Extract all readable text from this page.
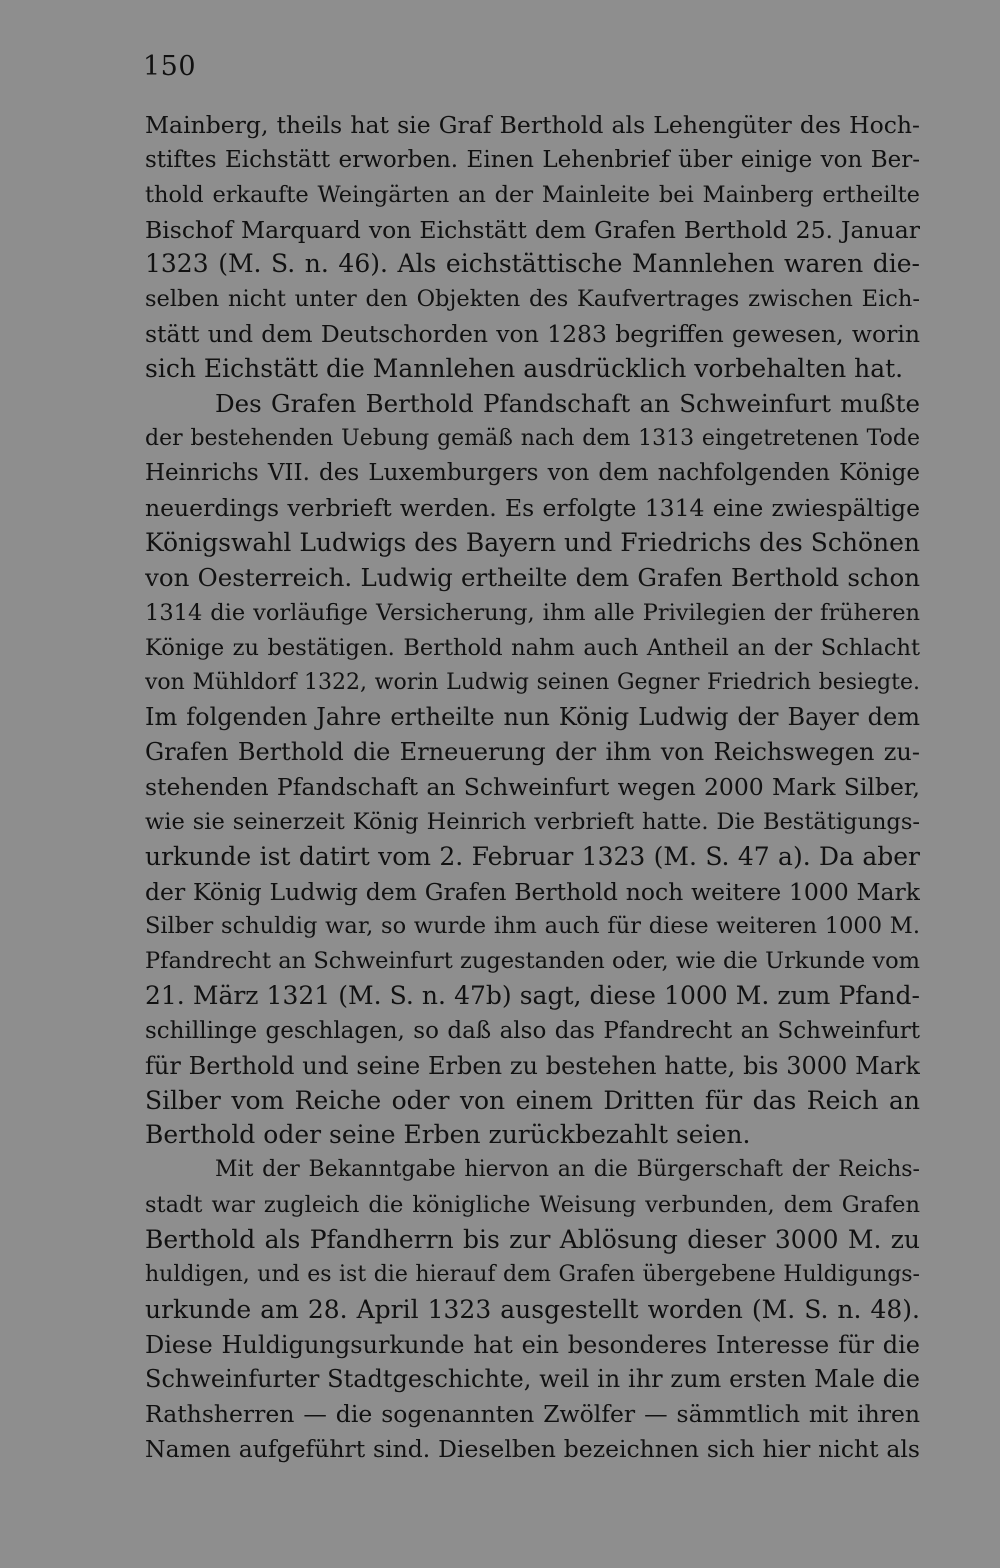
150
Mainberg, theils hat sie Graf Berthold als Lehengüter des Hoch-
stiftes Eichstätt erworben. Einen Lehenbrief über einige von Ber-
thold erkaufte Weingärten an der Mainleite bei Mainberg ertheilte
Bischof Marquard von Eichstätt dem Grafen Berthold 25. Januar
1323 (M. S. n. 46). Als eichstättische Mannlehen waren die-
selben nicht unter den Objekten des Kaufvertrages zwischen Eich-
stätt und dem Deutschorden von 1283 begriffen gewesen, worin
sich Eichstätt die Mannlehen ausdrücklich vorbehalten hat.
Des Grafen Berthold Pfandschaft an Schweinfurt mußte
der bestehenden Uebung gemäß nach dem 1313 eingetretenen Tode
Heinrichs VII. des Luxemburgers von dem nachfolgenden Könige
neuerdings verbrieft werden. Es erfolgte 1314 eine zwiespältige
Königswahl Ludwigs des Bayern und Friedrichs des Schönen
von Oesterreich. Ludwig ertheilte dem Grafen Berthold schon
1314 die vorläufige Versicherung, ihm alle Privilegien der früheren
Könige zu bestätigen. Berthold nahm auch Antheil an der Schlacht
von Mühldorf 1322, worin Ludwig seinen Gegner Friedrich besiegte.
Im folgenden Jahre ertheilte nun König Ludwig der Bayer dem
Grafen Berthold die Erneuerung der ihm von Reichswegen zu-
stehenden Pfandschaft an Schweinfurt wegen 2000 Mark Silber,
wie sie seinerzeit König Heinrich verbrieft hatte. Die Bestätigungs-
urkunde ist datirt vom 2. Februar 1323 (M. S. 47 a). Da aber
der König Ludwig dem Grafen Berthold noch weitere 1000 Mark
Silber schuldig war, so wurde ihm auch für diese weiteren 1000 M.
Pfandrecht an Schweinfurt zugestanden oder, wie die Urkunde vom
21. März 1321 (M. S. n. 47b) sagt, diese 1000 M. zum Pfand-
schillinge geschlagen, so daß also das Pfandrecht an Schweinfurt
für Berthold und seine Erben zu bestehen hatte, bis 3000 Mark
Silber vom Reiche oder von einem Dritten für das Reich an
Berthold oder seine Erben zurückbezahlt seien.
Mit der Bekanntgabe hiervon an die Bürgerschaft der Reichs-
stadt war zugleich die königliche Weisung verbunden, dem Grafen
Berthold als Pfandherrn bis zur Ablösung dieser 3000 M. zu
huldigen, und es ist die hierauf dem Grafen übergebene Huldigungs-
urkunde am 28. April 1323 ausgestellt worden (M. S. n. 48).
Diese Huldigungsurkunde hat ein besonderes Interesse für die
Schweinfurter Stadtgeschichte, weil in ihr zum ersten Male die
Rathsherren — die sogenannten Zwölfer — sämmtlich mit ihren
Namen aufgeführt sind. Dieselben bezeichnen sich hier nicht als
